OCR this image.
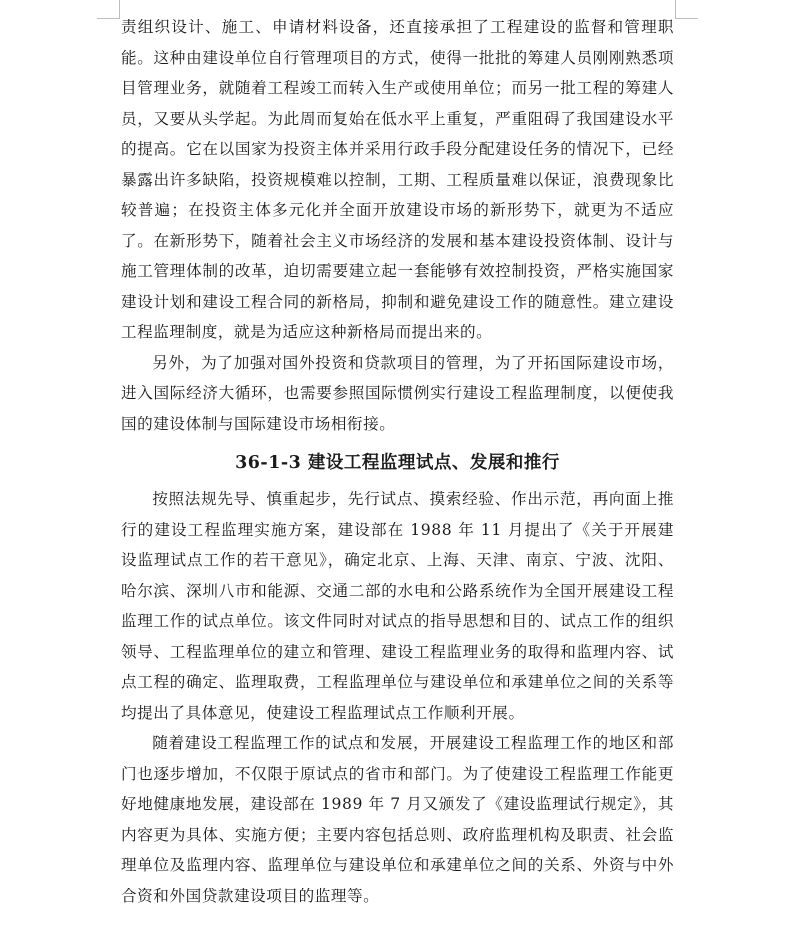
责组织设计、施工、申请材料设备，还直接承担了工程建设的监督和管理职能。这种由建设单位自行管理项目的方式，使得一批批的筹建人员刚刚熟悉项目管理业务，就随着工程竣工而转入生产或使用单位；而另一批工程的筹建人员，又要从头学起。为此周而复始在低水平上重复，严重阻碍了我国建设水平的提高。它在以国家为投资主体并采用行政手段分配建设任务的情况下，已经暴露出许多缺陷，投资规模难以控制，工期、工程质量难以保证，浪费现象比较普遍；在投资主体多元化并全面开放建设市场的新形势下，就更为不适应了。在新形势下，随着社会主义市场经济的发展和基本建设投资体制、设计与施工管理体制的改革，迫切需要建立起一套能够有效控制投资，严格实施国家建设计划和建设工程合同的新格局，抑制和避免建设工作的随意性。建立建设工程监理制度，就是为适应这种新格局而提出来的。

另外，为了加强对国外投资和贷款项目的管理，为了开拓国际建设市场，进入国际经济大循环，也需要参照国际惯例实行建设工程监理制度，以便使我国的建设体制与国际建设市场相衔接。

36-1-3 建设工程监理试点、发展和推行

按照法规先导、慎重起步，先行试点、摸索经验、作出示范，再向面上推行的建设工程监理实施方案，建设部在 1988 年 11 月提出了《关于开展建设监理试点工作的若干意见》，确定北京、上海、天津、南京、宁波、沈阳、哈尔滨、深圳八市和能源、交通二部的水电和公路系统作为全国开展建设工程监理工作的试点单位。该文件同时对试点的指导思想和目的、试点工作的组织领导、工程监理单位的建立和管理、建设工程监理业务的取得和监理内容、试点工程的确定、监理取费，工程监理单位与建设单位和承建单位之间的关系等均提出了具体意见，使建设工程监理试点工作顺利开展。

随着建设工程监理工作的试点和发展，开展建设工程监理工作的地区和部门也逐步增加，不仅限于原试点的省市和部门。为了使建设工程监理工作能更好地健康地发展，建设部在 1989 年 7 月又颁发了《建设监理试行规定》，其内容更为具体、实施方便；主要内容包括总则、政府监理机构及职责、社会监理单位及监理内容、监理单位与建设单位和承建单位之间的关系、外资与中外合资和外国贷款建设项目的监理等。
